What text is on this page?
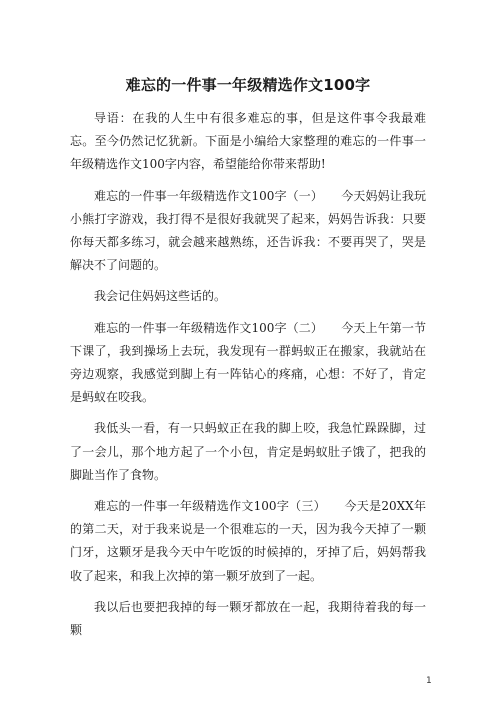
难忘的一件事一年级精选作文100字

导语：在我的人生中有很多难忘的事，但是这件事令我最难忘。至今仍然记忆犹新。下面是小编给大家整理的难忘的一件事一年级精选作文100字内容，希望能给你带来帮助!

难忘的一件事一年级精选作文100字（一）　　今天妈妈让我玩小熊打字游戏，我打得不是很好我就哭了起来，妈妈告诉我：只要你每天都多练习，就会越来越熟练，还告诉我：不要再哭了，哭是解决不了问题的。

我会记住妈妈这些话的。

难忘的一件事一年级精选作文100字（二）　　今天上午第一节下课了，我到操场上去玩，我发现有一群蚂蚁正在搬家，我就站在旁边观察，我感觉到脚上有一阵钻心的疼痛，心想：不好了，肯定是蚂蚁在咬我。

我低头一看，有一只蚂蚁正在我的脚上咬，我急忙跺跺脚，过了一会儿，那个地方起了一个小包，肯定是蚂蚁肚子饿了，把我的脚趾当作了食物。

难忘的一件事一年级精选作文100字（三）　　今天是20XX年的第二天，对于我来说是一个很难忘的一天，因为我今天掉了一颗门牙，这颗牙是我今天中午吃饭的时候掉的，牙掉了后，妈妈帮我收了起来，和我上次掉的第一颗牙放到了一起。

我以后也要把我掉的每一颗牙都放在一起，我期待着我的每一颗

1
